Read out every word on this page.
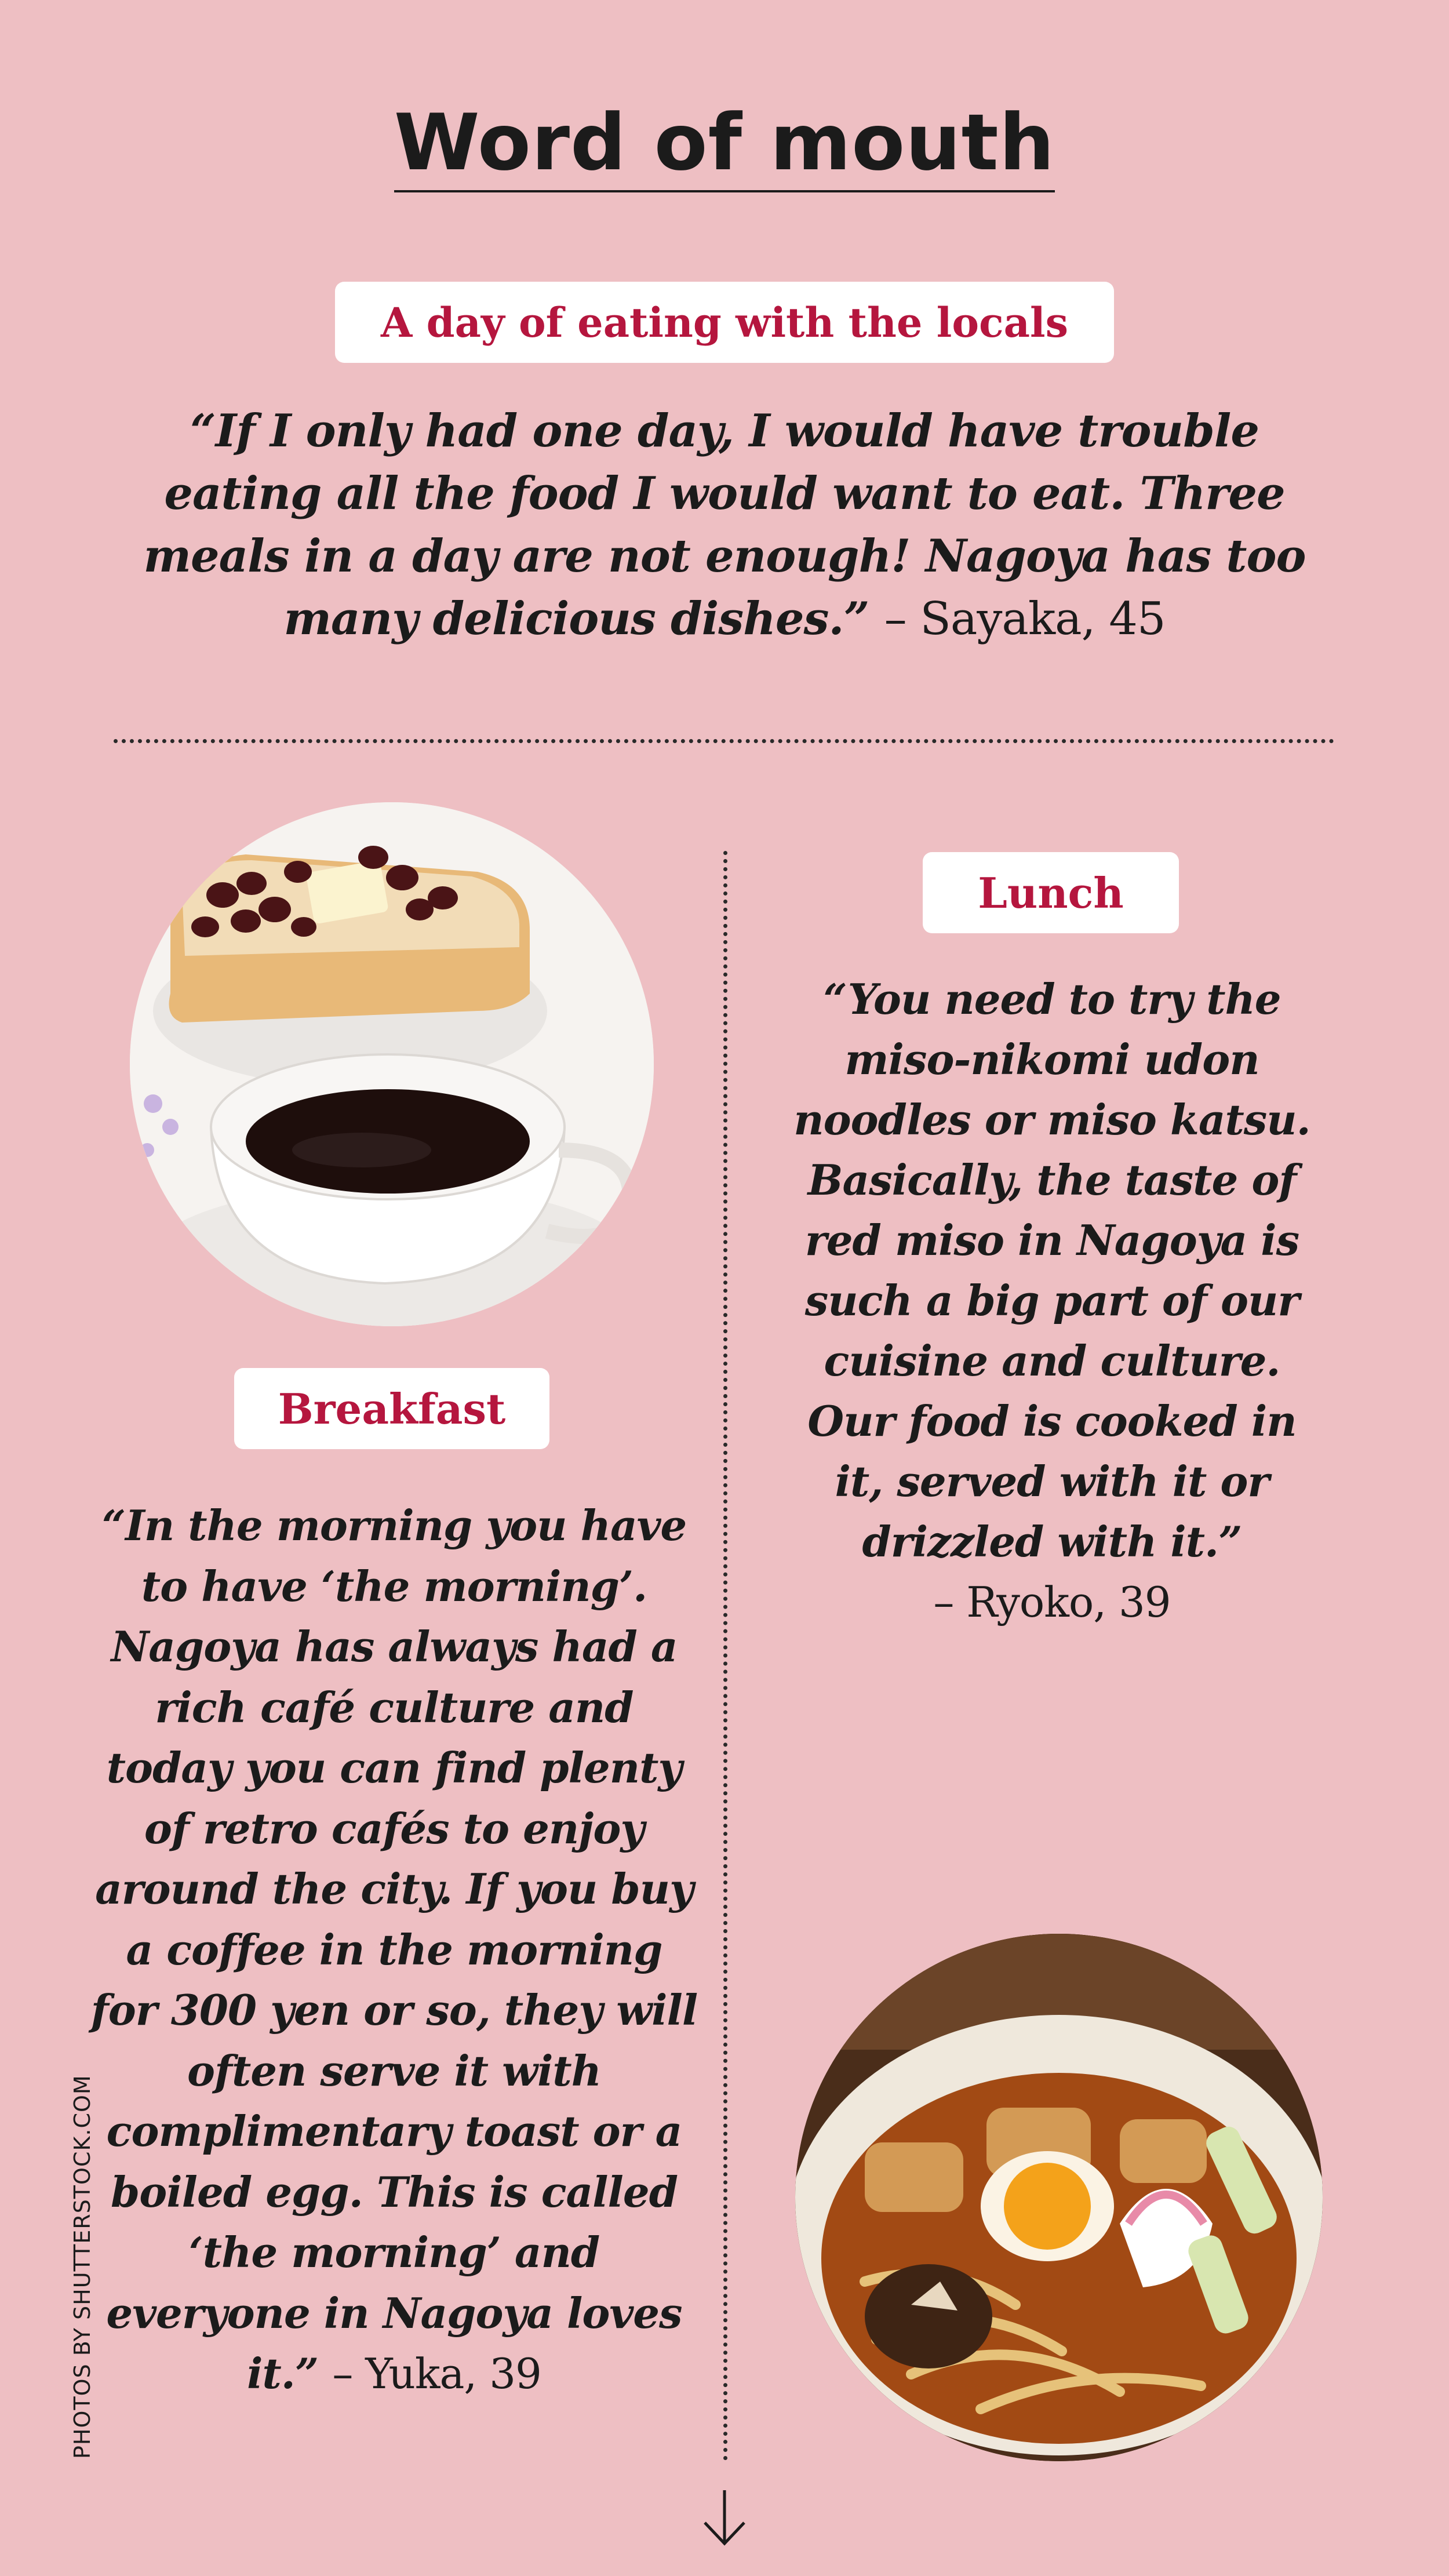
Word of mouth
A day of eating with the locals
“If I only had one day, I would have trouble eating all the food I would want to eat. Three meals in a day are not enough! Nagoya has too many delicious dishes.” – Sayaka, 45
Lunch
“You need to try the miso-nikomi udon noodles or miso katsu. Basically, the taste of red miso in Nagoya is such a big part of our cuisine and culture. Our food is cooked in it, served with it or drizzled with it.”
– Ryoko, 39
Breakfast
“In the morning you have to have ‘the morning’. Nagoya has always had a rich café culture and today you can find plenty of retro cafés to enjoy around the city. If you buy a coffee in the morning for 300 yen or so, they will often serve it with complimentary toast or a boiled egg. This is called ‘the morning’ and everyone in Nagoya loves it.” – Yuka, 39
PHOTOS BY SHUTTERSTOCK.COM
